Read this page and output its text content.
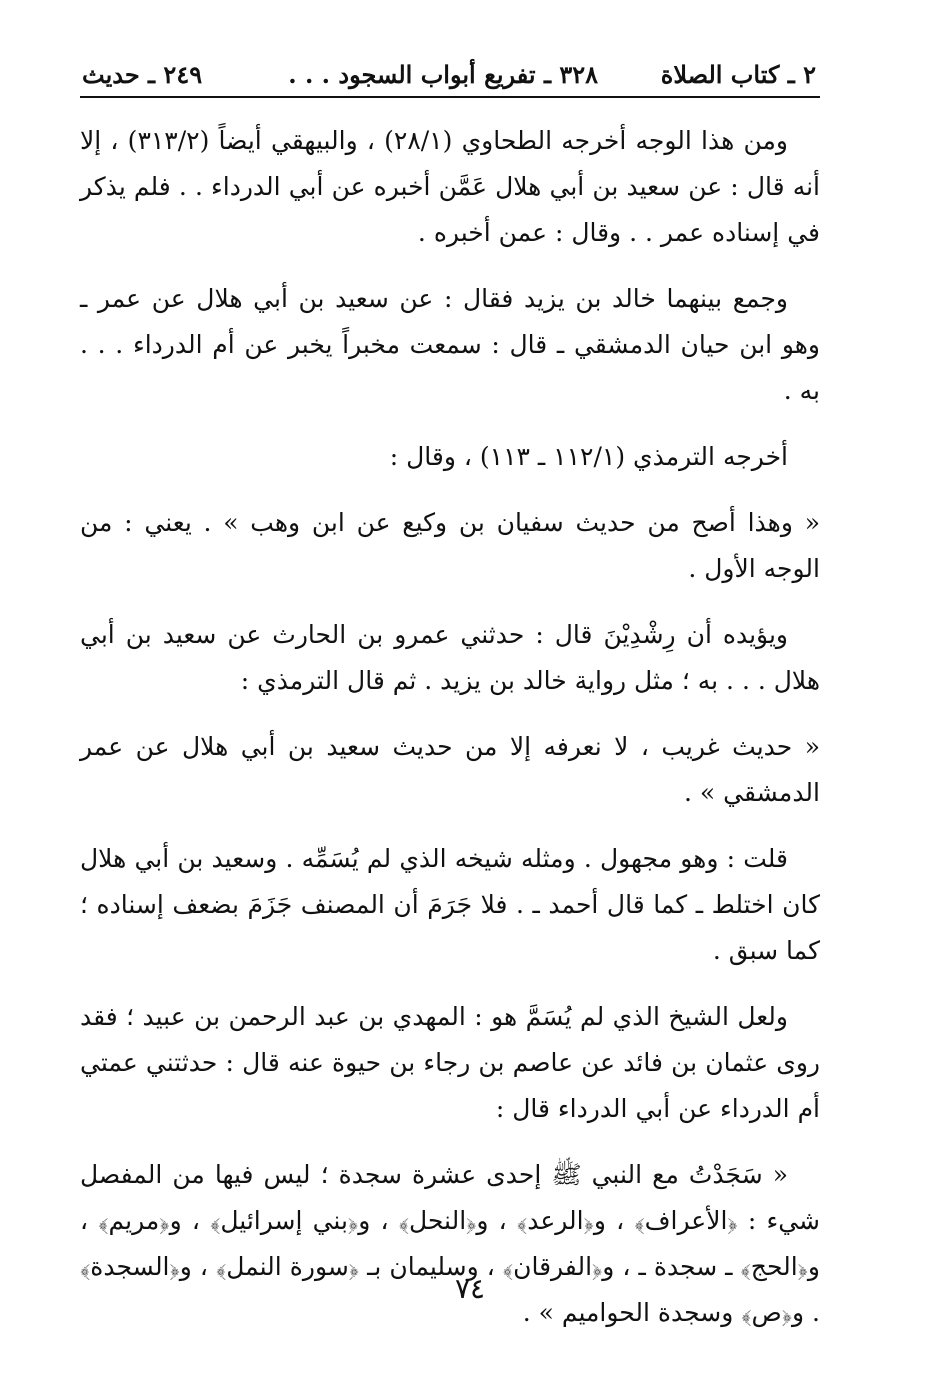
٢ ـ كتاب الصلاة
٣٢٨ ـ تفريع أبواب السجود . . .
٢٤٩ ـ حديث

ومن هذا الوجه أخرجه الطحاوي (٢٨/١) ، والبيهقي أيضاً (٣١٣/٢) ، إلا أنه قال : عن سعيد بن أبي هلال عَمَّن أخبره عن أبي الدرداء . . فلم يذكر في إسناده عمر . . وقال : عمن أخبره .

وجمع بينهما خالد بن يزيد فقال : عن سعيد بن أبي هلال عن عمر ـ وهو ابن حيان الدمشقي ـ قال : سمعت مخبراً يخبر عن أم الدرداء . . . به .

أخرجه الترمذي (١١٢/١ ـ ١١٣) ، وقال :

« وهذا أصح من حديث سفيان بن وكيع عن ابن وهب » . يعني : من الوجه الأول .

ويؤيده أن رِشْدِيْنَ قال : حدثني عمرو بن الحارث عن سعيد بن أبي هلال . . . به ؛ مثل رواية خالد بن يزيد . ثم قال الترمذي :

« حديث غريب ، لا نعرفه إلا من حديث سعيد بن أبي هلال عن عمر الدمشقي » .

قلت : وهو مجهول . ومثله شيخه الذي لم يُسَمِّه . وسعيد بن أبي هلال كان اختلط ـ كما قال أحمد ـ . فلا جَرَمَ أن المصنف جَزَمَ بضعف إسناده ؛ كما سبق .

ولعل الشيخ الذي لم يُسَمَّ هو : المهدي بن عبد الرحمن بن عبيد ؛ فقد روى عثمان بن فائد عن عاصم بن رجاء بن حيوة عنه قال : حدثتني عمتي أم الدرداء عن أبي الدرداء قال :

« سَجَدْتُ مع النبي ﷺ إحدى عشرة سجدة ؛ ليس فيها من المفصل شيء : ﴿الأعراف﴾ ، و﴿الرعد﴾ ، و﴿النحل﴾ ، و﴿بني إسرائيل﴾ ، و﴿مريم﴾ ، و﴿الحج﴾ ـ سجدة ـ ، و﴿الفرقان﴾ ، وسليمان بـ ﴿سورة النمل﴾ ، و﴿السجدة﴾ . و﴿ص﴾ وسجدة الحواميم » .

٧٤
